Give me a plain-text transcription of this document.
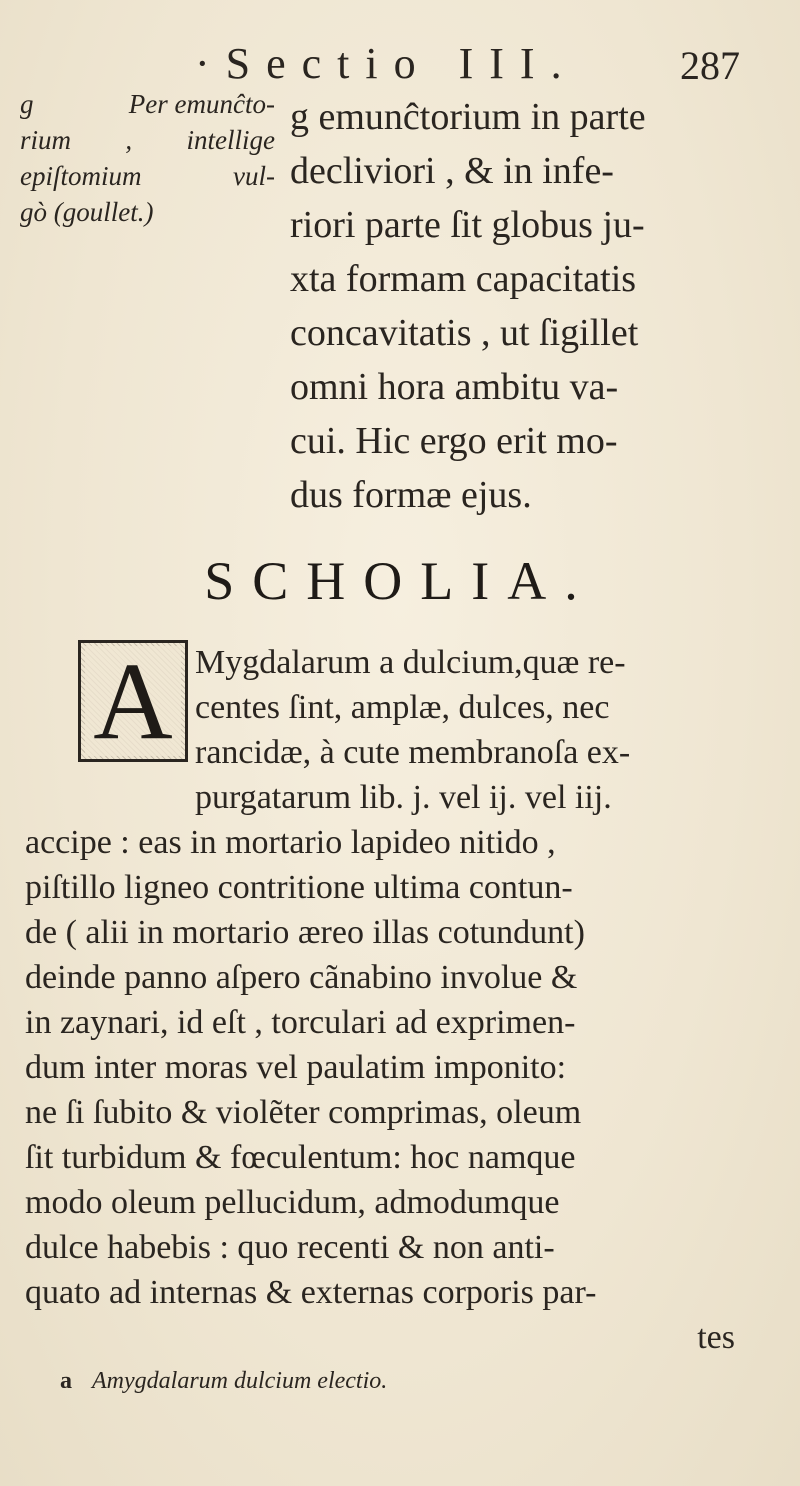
·Sectio III.	287
g	Per emunĉto-
rium , intellige
epiſtomium	vul-
gò (goullet.)
g emunĉtorium in parte
decliviori , & in infe-
riori parte ſit globus ju-
xta formam capacitatis
concavitatis , ut ſigillet
omni hora ambitu va-
cui. Hic ergo erit mo-
dus formæ ejus.
SCHOLIA.
A Mygdalarum a dulcium,quæ re-
centes ſint, amplæ, dulces, nec
rancidæ, à cute membranoſa ex-
purgatarum lib. j. vel ij. vel iij.
accipe : eas in mortario lapideo nitido ,
piſtillo ligneo contritione ultima contun-
de ( alii in mortario æreo illas cotundunt)
deinde panno aſpero cãnabino involue &
in zaynari, id eſt , torculari ad exprimen-
dum inter moras vel paulatim imponito:
ne ſi ſubito & violẽter comprimas, oleum
ſit turbidum & fœculentum: hoc namque
modo oleum pellucidum, admodumque
dulce habebis : quo recenti & non anti-
quato ad internas & externas corporis par-
tes
a Amygdalarum dulcium electio.
